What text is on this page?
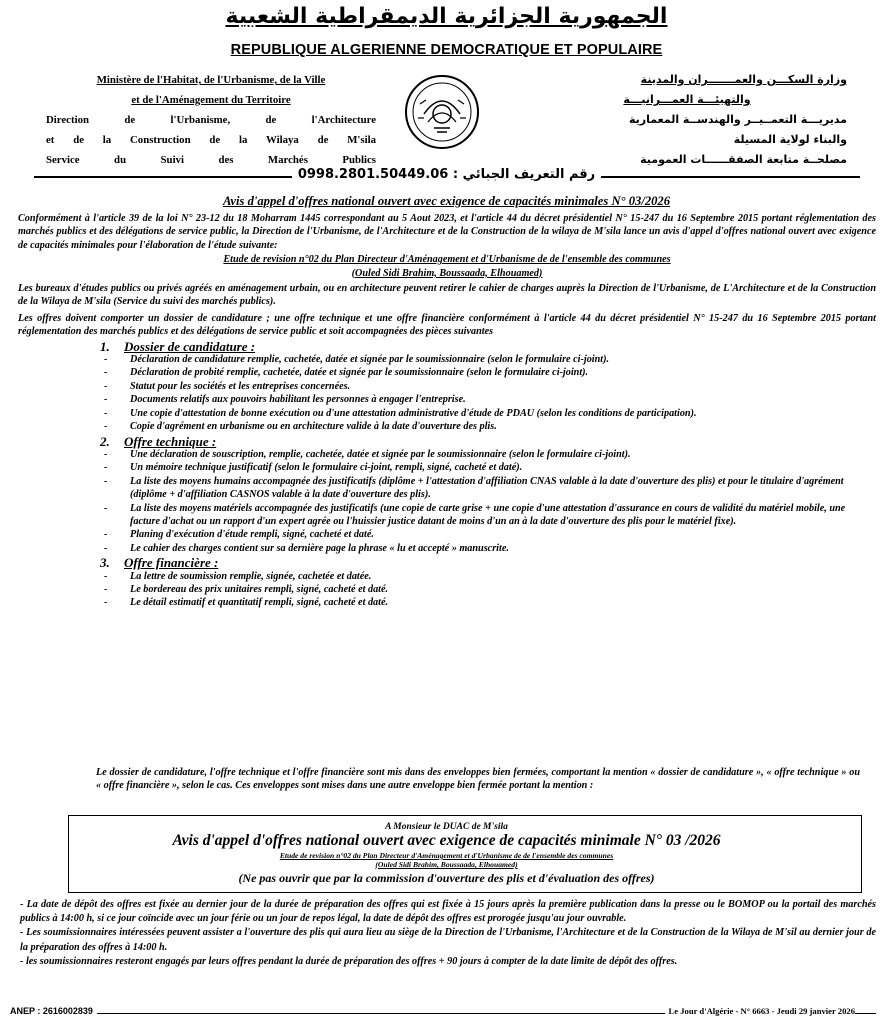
الجمهورية الجزائرية الديمقراطية الشعبية
REPUBLIQUE ALGERIENNE DEMOCRATIQUE ET POPULAIRE
Ministère de l'Habitat, de l'Urbanisme, de la Ville
et de l'Aménagement du Territoire
Direction de l'Urbanisme, de l'Architecture
et de la Construction de la Wilaya de M'sila
Service du Suivi des Marchés Publics
وزارة السكـــن والعمـــــــران والمدينة
والتهيئـــة العمـــرانيـــة
مديريـــة التعمــيــر والهندســة المعمارية
والبناء لولاية المسيلة
مصلحــة متابعة الصفقــــــات العمومية
رقم التعريف الجبائي : 0998.2801.50449.06
Avis d'appel d'offres national ouvert avec exigence de capacités minimales N° 03/2026

Conformément à l'article 39 de la loi N° 23-12 du 18 Moharram 1445 correspondant au 5 Aout 2023, et l'article 44 du décret présidentiel N° 15-247 du 16 Septembre 2015 portant réglementation des marchés publics et des délégations de service public, la Direction de l'Urbanisme, de l'Architecture et de la Construction de la wilaya de M'sila lance un avis d'appel d'offres national ouvert avec exigence de capacités minimales pour l'élaboration de l'étude suivante:

Etude de revision n°02 du Plan Directeur d'Aménagement et d'Urbanisme de de l'ensemble des communes
(Ouled Sidi Brahim, Boussaada, Elhouamed)

Les bureaux d'études publics ou privés agréés en aménagement urbain, ou en architecture peuvent retirer le cahier de charges auprès la Direction de l'Urbanisme, de L'Architecture et de la Construction de la Wilaya de M'sila (Service du suivi des marchés publics).

Les offres doivent comporter un dossier de candidature ; une offre technique et une offre financière conformément à l'article 44 du décret présidentiel N° 15-247 du 16 Septembre 2015 portant réglementation des marchés publics et des délégations de service public et soit accompagnées des pièces suivantes

1. Dossier de candidature :
- Déclaration de candidature remplie, cachetée, datée et signée par le soumissionnaire (selon le formulaire ci-joint).
- Déclaration de probité remplie, cachetée, datée et signée par le soumissionnaire (selon le formulaire ci-joint).
- Statut pour les sociétés et les entreprises concernées.
- Documents relatifs aux pouvoirs habilitant les personnes à engager l'entreprise.
- Une copie d'attestation de bonne exécution ou d'une attestation administrative d'étude de PDAU (selon les conditions de participation).
- Copie d'agrément en urbanisme ou en architecture valide à la date d'ouverture des plis.
2. Offre technique :
- Une déclaration de souscription, remplie, cachetée, datée et signée par le soumissionnaire (selon le formulaire ci-joint).
- Un mémoire technique justificatif (selon le formulaire ci-joint, rempli, signé, cacheté et daté).
- La liste des moyens humains accompagnée des justificatifs (diplôme + l'attestation d'affiliation CNAS valable à la date d'ouverture des plis) et pour le titulaire d'agrément (diplôme + d'affiliation CASNOS valable à la date d'ouverture des plis).
- La liste des moyens matériels accompagnée des justificatifs (une copie de carte grise + une copie d'une attestation d'assurance en cours de validité du matériel mobile, une facture d'achat ou un rapport d'un expert agrée ou l'huissier justice datant de moins d'un an à la date d'ouverture des plis pour le matériel fixe).
- Planing d'exécution d'étude rempli, signé, cacheté et daté.
- Le cahier des charges contient sur sa dernière page la phrase « lu et accepté » manuscrite.
3. Offre financière :
- La lettre de soumission remplie, signée, cachetée et datée.
- Le bordereau des prix unitaires rempli, signé, cacheté et daté.
- Le détail estimatif et quantitatif rempli, signé, cacheté et daté.

Le dossier de candidature, l'offre technique et l'offre financière sont mis dans des enveloppes bien fermées, comportant la mention « dossier de candidature », « offre technique » ou « offre financière », selon le cas. Ces enveloppes sont mises dans une autre enveloppe bien fermée portant la mention :

A Monsieur le DUAC de M'sila
Avis d'appel d'offres national ouvert avec exigence de capacités minimale N° 03 /2026
Etude de revision n°02 du Plan Directeur d'Aménagement et d'Urbanisme de de l'ensemble des communes
(Ouled Sidi Brahim, Boussaada, Elhouamed)
(Ne pas ouvrir que par la commission d'ouverture des plis et d'évaluation des offres)

- La date de dépôt des offres est fixée au dernier jour de la durée de préparation des offres qui est fixée à 15 jours après la première publication dans la presse ou le BOMOP ou la portail des marchés publics à 14:00 h, si ce jour coïncide avec un jour férie ou un jour de repos légal, la date de dépôt des offres est prorogée jusqu'au jour ouvrable.

- Les soumissionnaires intéressées peuvent assister a l'ouverture des plis qui aura lieu au siège de la Direction de l'Urbanisme, l'Architecture et de la Construction de la Wilaya de M'sil au dernier jour de la préparation des offres à 14:00 h.

- les soumissionnaires resteront engagés par leurs offres pendant la durée de préparation des offres + 90 jours à compter de la date limite de dépôt des offres.

ANEP : 2616002839	Le Jour d'Algérie - N° 6663 - Jeudi 29 janvier 2026
